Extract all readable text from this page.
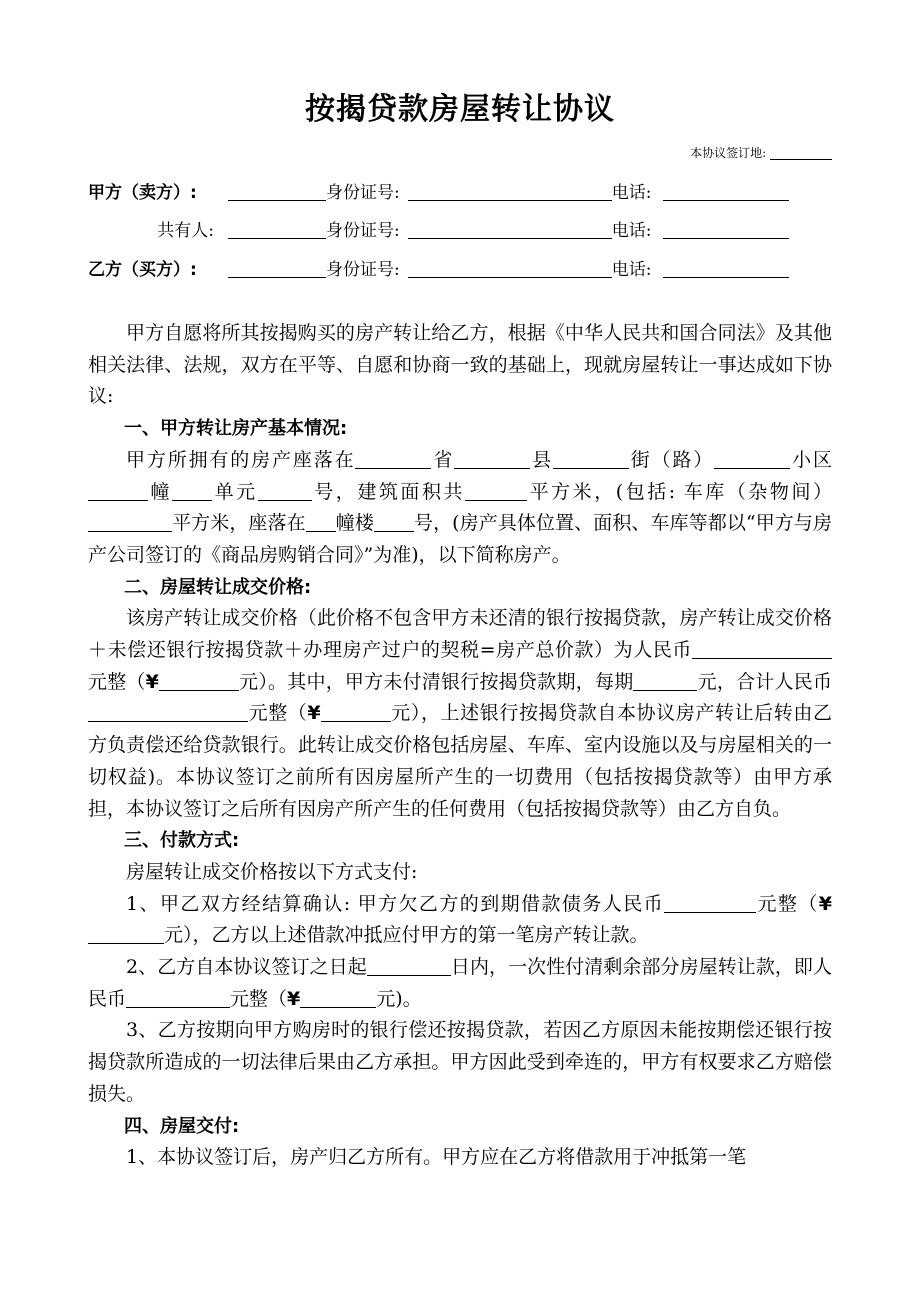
按揭贷款房屋转让协议
本协议签订地:
甲方（卖方）:	身份证号:	电话:
共有人:	身份证号:	电话:
乙方（买方）:	身份证号:	电话:

甲方自愿将所其按揭购买的房产转让给乙方，根据《中华人民共和国合同法》及其他相关法律、法规，双方在平等、自愿和协商一致的基础上，现就房屋转让一事达成如下协议:

一、甲方转让房产基本情况:

甲方所拥有的房产座落在	省	县	街（路）	小区幢 单元	号，建筑面积共	平方米，(包括: 车库（杂物间）平方米，座落在 幢楼 号，(房产具体位置、面积、车库等都以“甲方与房产公司签订的《商品房购销合同》”为准)，以下简称房产。

二、房屋转让成交价格:

该房产转让成交价格（此价格不包含甲方未还清的银行按揭贷款，房产转让成交价格＋未偿还银行按揭贷款＋办理房产过户的契税=房产总价款）为人民币元整（¥	元）。其中，甲方未付清银行按揭贷款期，每期	元，合计人民币元整（¥	元），上述银行按揭贷款自本协议房产转让后转由乙方负责偿还给贷款银行。此转让成交价格包括房屋、车库、室内设施以及与房屋相关的一切权益)。本协议签订之前所有因房屋所产生的一切费用（包括按揭贷款等）由甲方承担，本协议签订之后所有因房产所产生的任何费用（包括按揭贷款等）由乙方自负。

三、付款方式:

房屋转让成交价格按以下方式支付:

1、甲乙双方经结算确认: 甲方欠乙方的到期借款债务人民币	元整（¥元），乙方以上述借款冲抵应付甲方的第一笔房产转让款。

2、乙方自本协议签订之日起	日内，一次性付清剩余部分房屋转让款，即人民币	元整（¥	元)。

3、乙方按期向甲方购房时的银行偿还按揭贷款，若因乙方原因未能按期偿还银行按揭贷款所造成的一切法律后果由乙方承担。甲方因此受到牵连的，甲方有权要求乙方赔偿损失。

四、房屋交付:

1、本协议签订后，房产归乙方所有。甲方应在乙方将借款用于冲抵第一笔
